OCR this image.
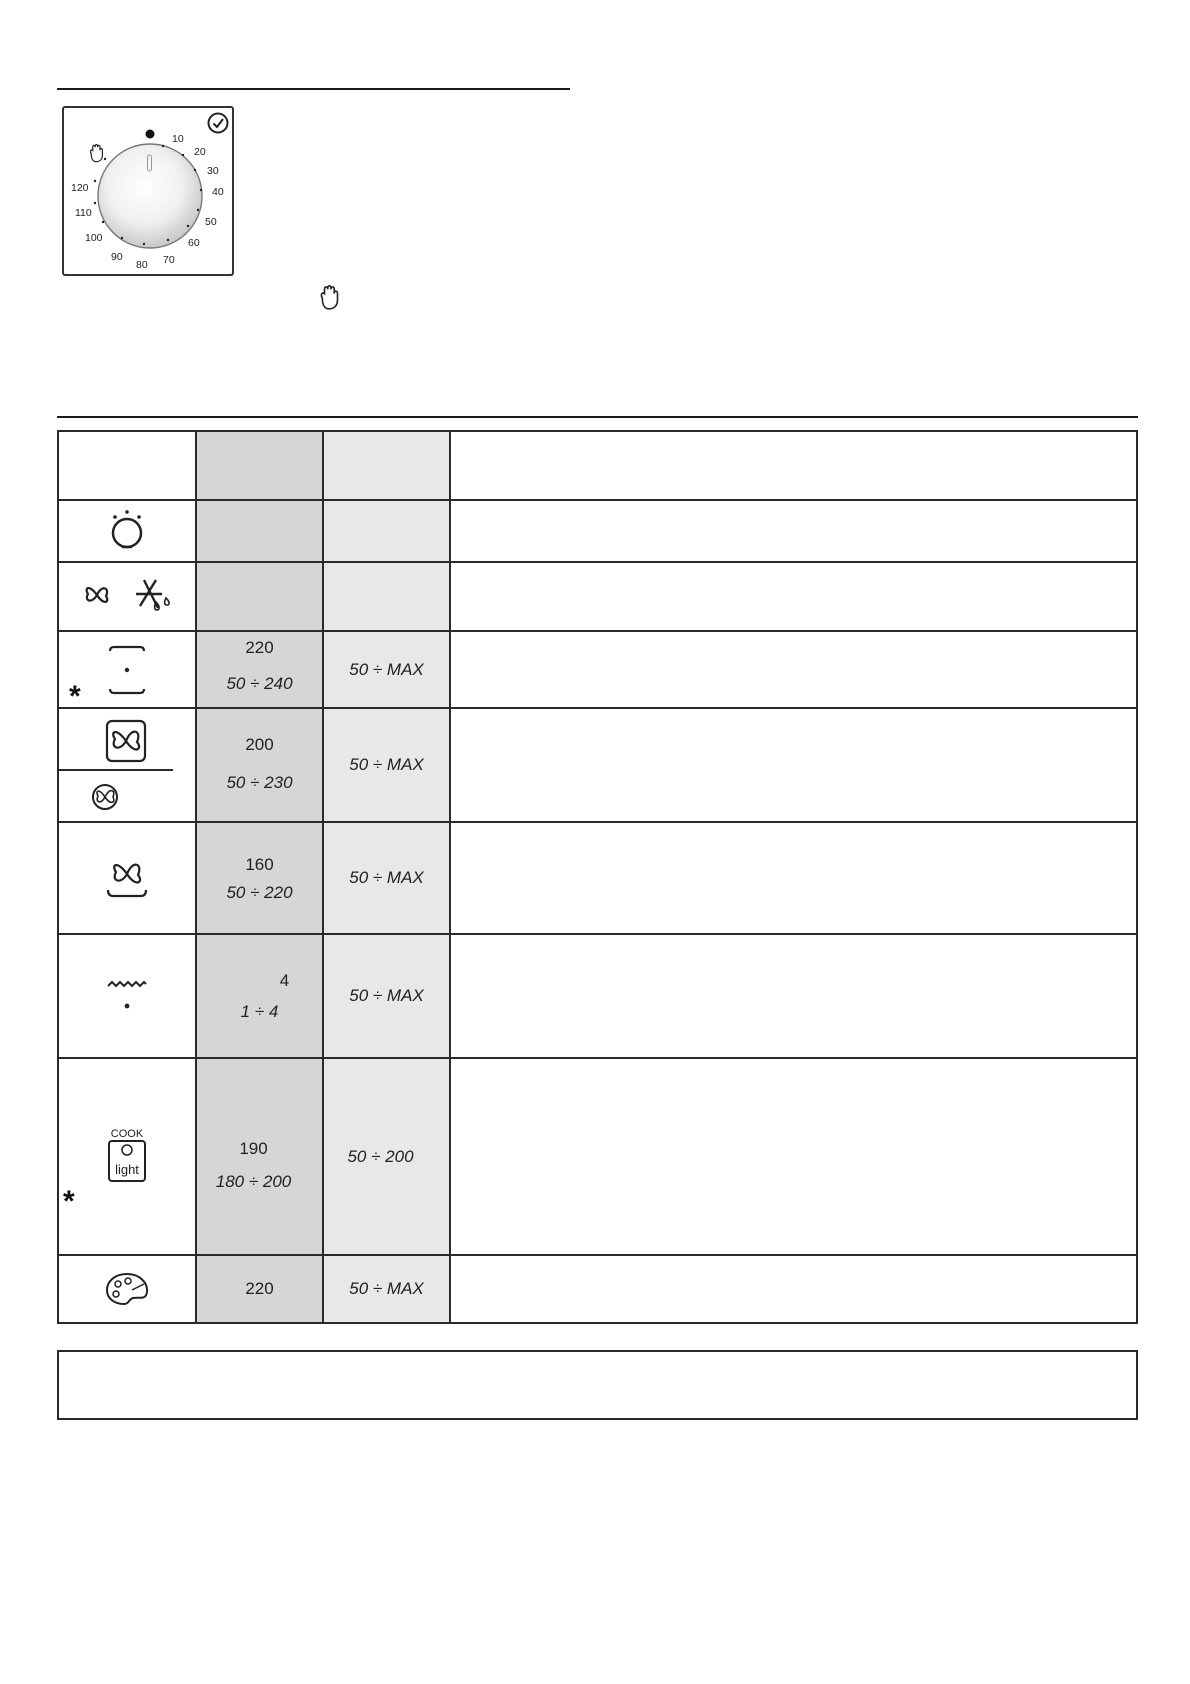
10
20
30
40
50
60
70
80
90
100
110
120

*	220
50 ÷ 240	50 ÷ MAX	

200
50 ÷ 230	50 ÷ MAX	

160
50 ÷ 220	50 ÷ MAX	

4
1 ÷ 4	50 ÷ MAX	

*
COOK
light	190
180 ÷ 200	50 ÷ 200	

220	50 ÷ MAX	
